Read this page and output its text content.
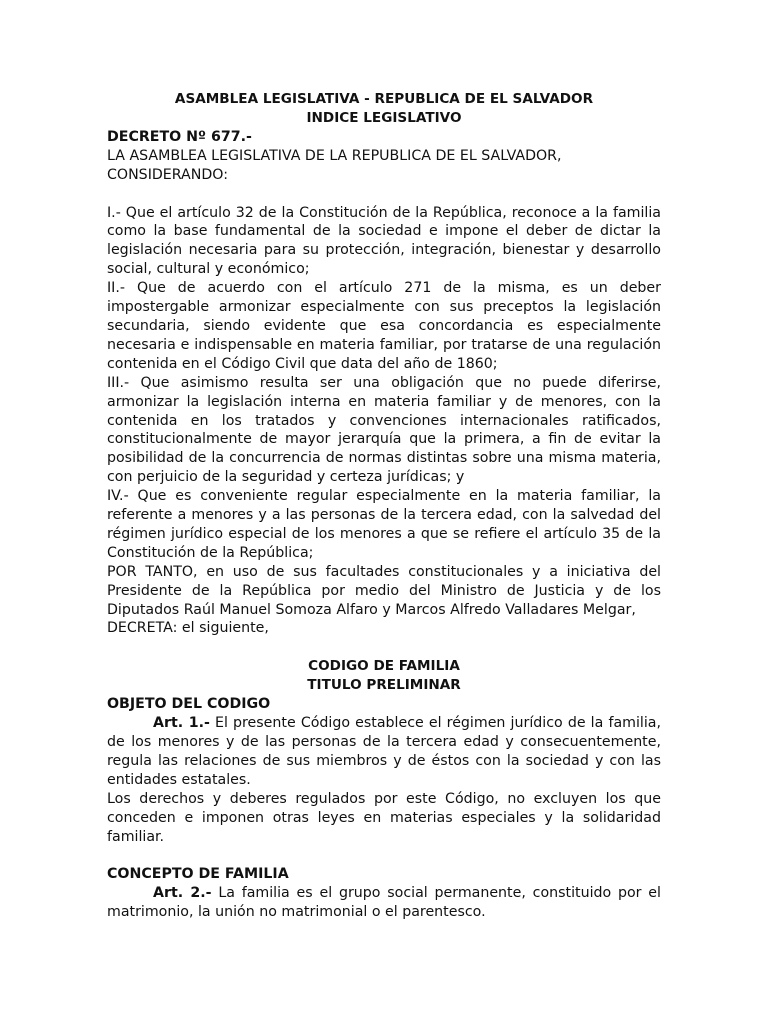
ASAMBLEA LEGISLATIVA - REPUBLICA DE EL SALVADOR
INDICE LEGISLATIVO
DECRETO Nº 677.-

LA ASAMBLEA LEGISLATIVA DE LA REPUBLICA DE EL SALVADOR,

CONSIDERANDO:

I.- Que el artículo 32 de la Constitución de la República, reconoce a la familia como la base fundamental de la sociedad e impone el deber de dictar la legislación necesaria para su protección, integración, bienestar y desarrollo social, cultural y económico;

II.- Que de acuerdo con el artículo 271 de la misma, es un deber impostergable armonizar especialmente con sus preceptos la legislación secundaria, siendo evidente que esa concordancia es especialmente necesaria e indispensable en materia familiar, por tratarse de una regulación contenida en el Código Civil que data del año de 1860;

III.- Que asimismo resulta ser una obligación que no puede diferirse, armonizar la legislación interna en materia familiar y de menores, con la contenida en los tratados y convenciones internacionales ratificados, constitucionalmente de mayor jerarquía que la primera, a fin de evitar la posibilidad de la concurrencia de normas distintas sobre una misma materia, con perjuicio de la seguridad y certeza jurídicas; y

IV.- Que es conveniente regular especialmente en la materia familiar, la referente a menores y a las personas de la tercera edad, con la salvedad del régimen jurídico especial de los menores a que se refiere el artículo 35 de la Constitución de la República;

POR TANTO, en uso de sus facultades constitucionales y a iniciativa del Presidente de la República por medio del Ministro de Justicia y de los Diputados Raúl Manuel Somoza Alfaro y Marcos Alfredo Valladares Melgar,

DECRETA: el siguiente,

CODIGO DE FAMILIA
TITULO PRELIMINAR
OBJETO DEL CODIGO

Art. 1.- El presente Código establece el régimen jurídico de la familia, de los menores y de las personas de la tercera edad y consecuentemente, regula las relaciones de sus miembros y de éstos con la sociedad y con las entidades estatales.

Los derechos y deberes regulados por este Código, no excluyen los que conceden e imponen otras leyes en materias especiales y la solidaridad familiar.

CONCEPTO DE FAMILIA

Art. 2.- La familia es el grupo social permanente, constituido por el matrimonio, la unión no matrimonial o el parentesco.
